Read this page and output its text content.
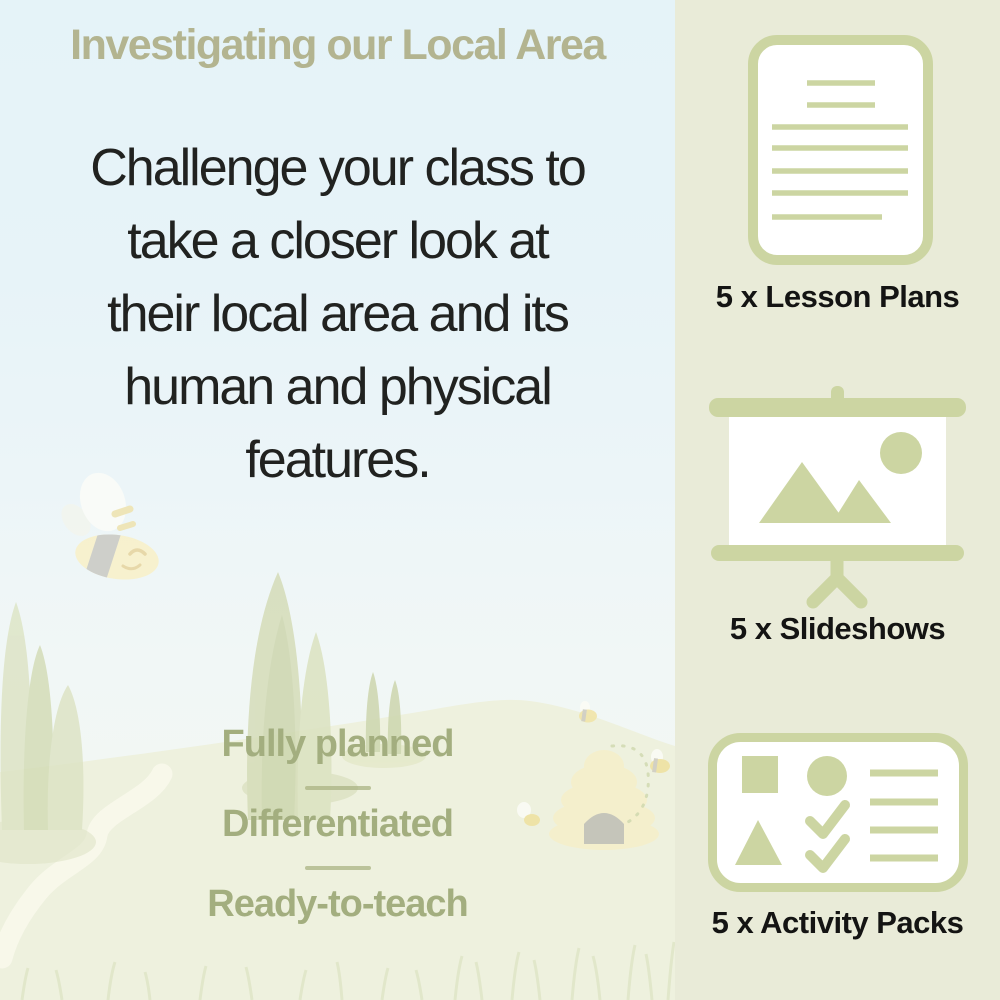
Investigating our Local Area
Challenge your class to
take a closer look at
their local area and its
human and physical
features.
Fully planned
Differentiated
Ready-to-teach
5 x Lesson Plans
5 x Slideshows
5 x Activity Packs
